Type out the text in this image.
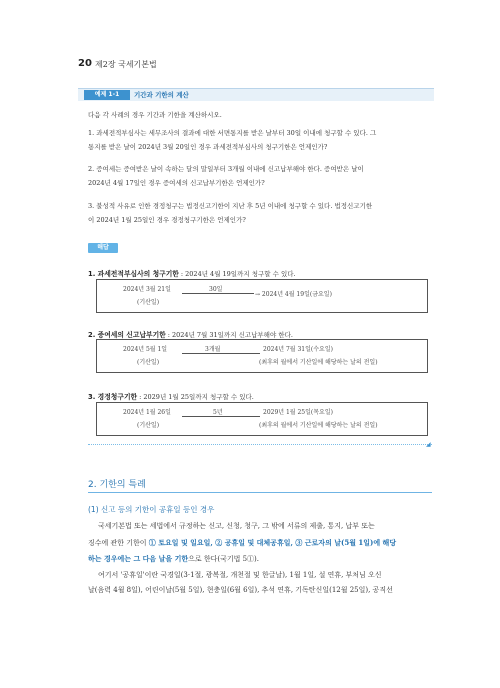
20 제2장 국세기본법
예제 1-1	기간과 기한의 계산
다음 각 사례의 경우 기간과 기한을 계산하시오.
1. 과세전적부심사는 세무조사의 결과에 대한 서면통지를 받은 날부터 30일 이내에 청구할 수 있다. 그
통지를 받은 날이 2024년 3월 20일인 경우 과세전적부심사의 청구기한은 언제인가?
2. 증여세는 증여받은 날이 속하는 달의 말일부터 3개월 이내에 신고납부해야 한다. 증여받은 날이
2024년 4월 17일인 경우 증여세의 신고납부기한은 언제인가?
3. 불성적 사유로 인한 경정청구는 법정신고기한이 지난 후 5년 이내에 청구할 수 있다. 법정신고기한
이 2024년 1월 25일인 경우 경정청구기한은 언제인가?
해답
1. 과세전적부심사의 청구기한 : 2024년 4월 19일까지 청구할 수 있다.
2024년 3월 21일
(기산일)
30일
→ 2024년 4월 19일(금요일)
2. 증여세의 신고납부기한 : 2024년 7월 31일까지 신고납부해야 한다.
2024년 5월 1일
(기산일)
3개월	2024년 7월 31일(수요일)
(최후의 월에서 기산일에 해당하는 날의 전일)
3. 경정청구기한 : 2029년 1월 25일까지 청구할 수 있다.
2024년 1월 26일
(기산일)
5년	2029년 1월 25일(목요일)
(최후의 월에서 기산일에 해당하는 날의 전일)
◢
2. 기한의 특례
(1) 신고 등의 기한이 공휴일 등인 경우
국세기본법 또는 세법에서 규정하는 신고, 신청, 청구, 그 밖에 서류의 제출, 통지, 납부 또는
징수에 관한 기한이 ① 토요일 및 일요일, ② 공휴일 및 대체공휴일, ③ 근로자의 날(5월 1일)에 해당
하는 경우에는 그 다음 날을 기한으로 한다(국기법 5①).
여기서 '공휴일'이란 국경일(3·1절, 광복절, 개천절 및 한글날), 1월 1일, 설 연휴, 부처님 오신
날(음력 4월 8일), 어린이날(5월 5일), 현충일(6월 6일), 추석 연휴, 기독탄신일(12월 25일), 공직선
